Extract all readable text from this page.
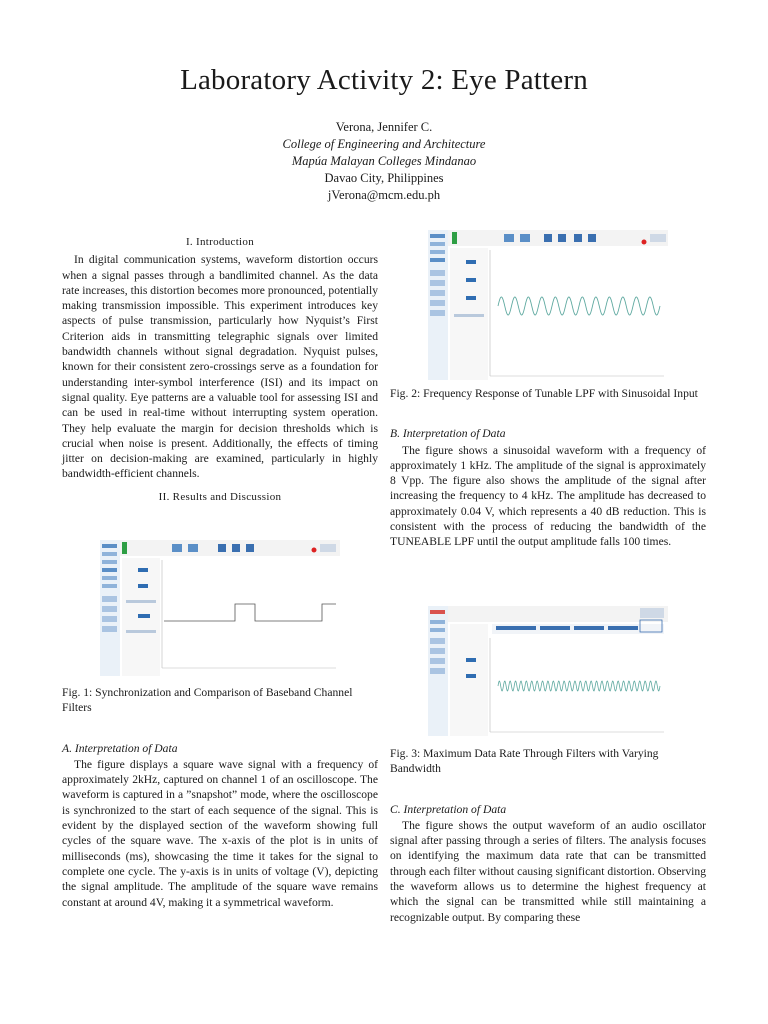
Laboratory Activity 2: Eye Pattern
Verona, Jennifer C.
College of Engineering and Architecture
Mapúa Malayan Colleges Mindanao
Davao City, Philippines
jVerona@mcm.edu.ph
I. Introduction

In digital communication systems, waveform distortion occurs when a signal passes through a bandlimited channel. As the data rate increases, this distortion becomes more pronounced, potentially making transmission impossible. This experiment introduces key aspects of pulse transmission, particularly how Nyquist’s First Criterion aids in transmitting telegraphic signals over limited bandwidth channels without signal degradation. Nyquist pulses, known for their consistent zero-crossings serve as a foundation for understanding inter-symbol interference (ISI) and its impact on signal quality. Eye patterns are a valuable tool for assessing ISI and can be used in real-time without interrupting system operation. They help evaluate the margin for decision thresholds which is crucial when noise is present. Additionally, the effects of timing jitter on decision-making are examined, particularly in highly bandwidth-efficient channels.

II. Results and Discussion

Fig. 1: Synchronization and Comparison of Baseband Channel Filters

A. Interpretation of Data

The figure displays a square wave signal with a frequency of approximately 2kHz, captured on channel 1 of an oscilloscope. The waveform is captured in a ”snapshot” mode, where the oscilloscope is synchronized to the start of each sequence of the signal. This is evident by the displayed section of the waveform showing full cycles of the square wave. The x-axis of the plot is in units of milliseconds (ms), showcasing the time it takes for the signal to complete one cycle. The y-axis is in units of voltage (V), depicting the signal amplitude. The amplitude of the square wave remains constant at around 4V, making it a symmetrical waveform.

Fig. 2: Frequency Response of Tunable LPF with Sinusoidal Input

B. Interpretation of Data

The figure shows a sinusoidal waveform with a frequency of approximately 1 kHz. The amplitude of the signal is approximately 8 Vpp. The figure also shows the amplitude of the signal after increasing the frequency to 4 kHz. The amplitude has decreased to approximately 0.04 V, which represents a 40 dB reduction. This is consistent with the process of reducing the bandwidth of the TUNEABLE LPF until the output amplitude falls 100 times.

Fig. 3: Maximum Data Rate Through Filters with Varying Bandwidth

C. Interpretation of Data

The figure shows the output waveform of an audio oscillator signal after passing through a series of filters. The analysis focuses on identifying the maximum data rate that can be transmitted through each filter without causing significant distortion. Observing the waveform allows us to determine the highest frequency at which the signal can be transmitted while still maintaining a recognizable output. By comparing these
